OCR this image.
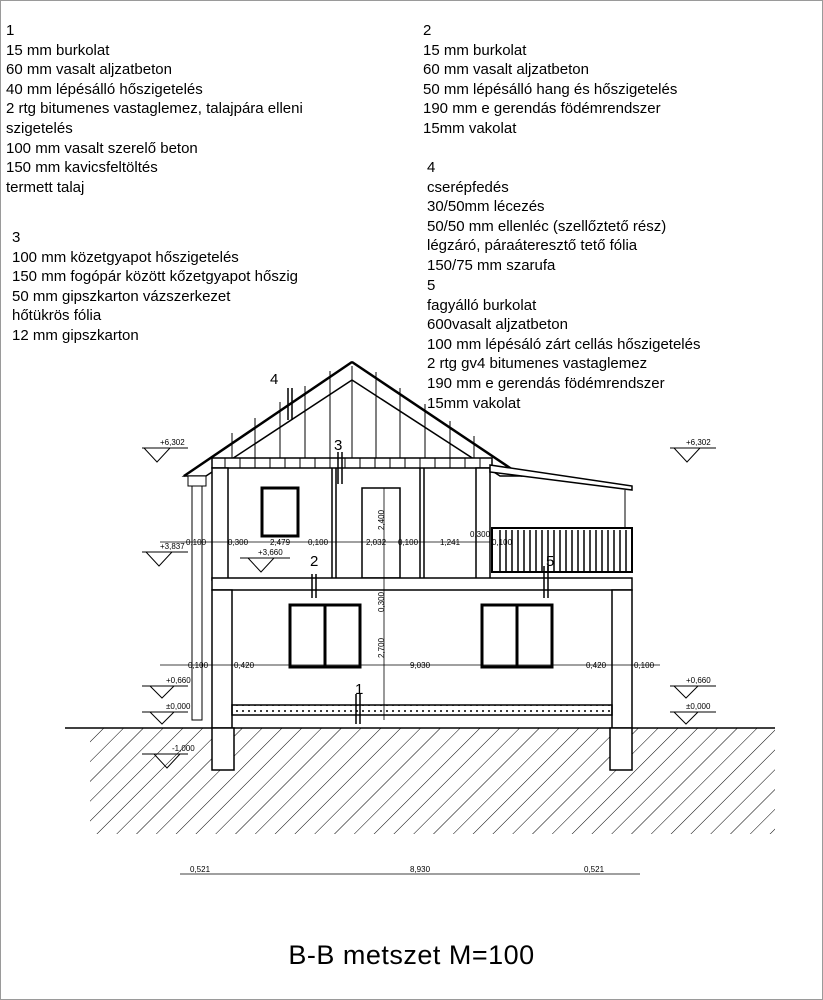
1
15 mm burkolat
60 mm vasalt aljzatbeton
40 mm lépésálló hőszigetelés
2 rtg bitumenes vastaglemez, talajpára elleni
szigetelés
100 mm vasalt szerelő beton
150 mm kavicsfeltöltés
termett talaj
2
15 mm burkolat
60 mm vasalt aljzatbeton
50 mm lépésálló hang és hőszigetelés
190 mm e gerendás födémrendszer
15mm vakolat
4
cserépfedés
30/50mm lécezés
50/50 mm ellenléc (szellőztető rész)
légzáró, páraáteresztő tető fólia
150/75 mm szarufa
5
fagyálló burkolat
600vasalt aljzatbeton
100 mm lépésáló zárt cellás hőszigetelés
2 rtg gv4 bitumenes vastaglemez
190 mm e gerendás födémrendszer
15mm vakolat
3
100 mm közetgyapot hőszigetelés
150 mm fogópár között kőzetgyapot hőszig
50 mm gipszkarton vázszerkezet
hőtükrös fólia
12 mm gipszkarton
+6,302	+6,302
+3,837
+3,660
+0,660
±0,000
-1,000
+0,660
±0,000
0,100	0,300	2,479 0,100	2,032 0,100	1,241
0,300
0,100
0,100	0,420	9,030	0,420	0,100
2,400
0,300
2,700
0,521	8,930	0,521
4
3
2	5
1
B-B metszet M=100
